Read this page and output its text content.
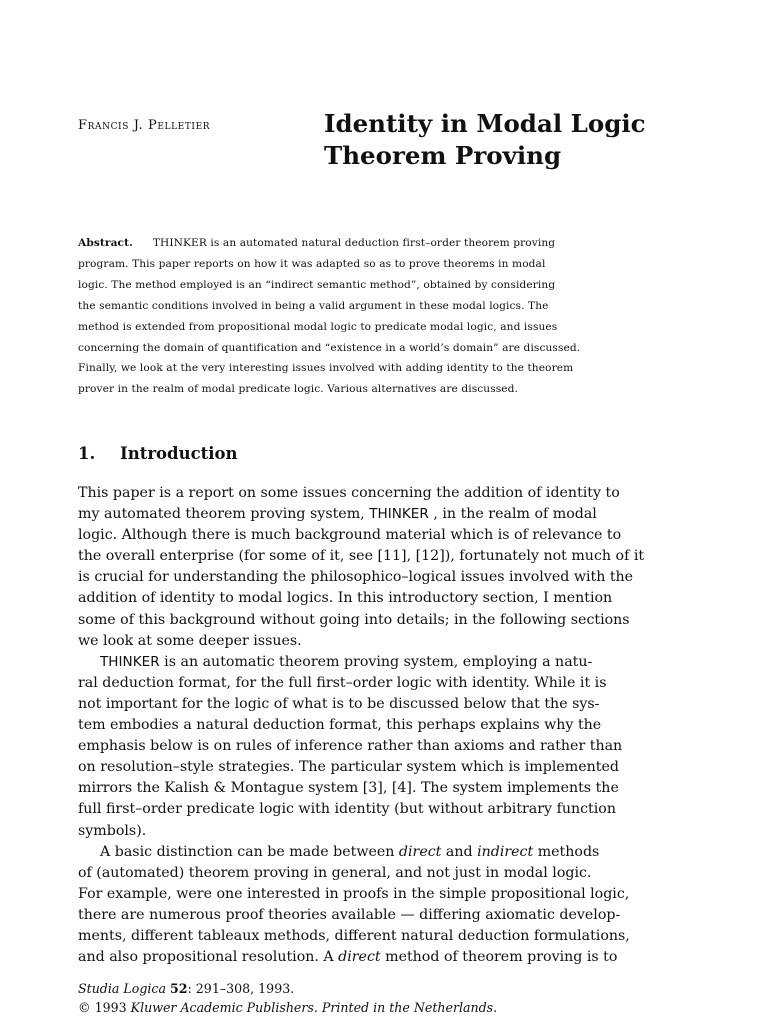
Francis J. Pelletier	Identity in Modal Logic
Theorem Proving
Abstract. THINKER is an automated natural deduction first–order theorem proving
program. This paper reports on how it was adapted so as to prove theorems in modal
logic. The method employed is an “indirect semantic method”, obtained by considering
the semantic conditions involved in being a valid argument in these modal logics. The
method is extended from propositional modal logic to predicate modal logic, and issues
concerning the domain of quantification and “existence in a world’s domain” are discussed.
Finally, we look at the very interesting issues involved with adding identity to the theorem
prover in the realm of modal predicate logic. Various alternatives are discussed.
1. Introduction
This paper is a report on some issues concerning the addition of identity to
my automated theorem proving system, THINKER , in the realm of modal
logic. Although there is much background material which is of relevance to
the overall enterprise (for some of it, see [11], [12]), fortunately not much of it
is crucial for understanding the philosophico–logical issues involved with the
addition of identity to modal logics. In this introductory section, I mention
some of this background without going into details; in the following sections
we look at some deeper issues.
THINKER is an automatic theorem proving system, employing a natu-
ral deduction format, for the full first–order logic with identity. While it is
not important for the logic of what is to be discussed below that the sys-
tem embodies a natural deduction format, this perhaps explains why the
emphasis below is on rules of inference rather than axioms and rather than
on resolution–style strategies. The particular system which is implemented
mirrors the Kalish & Montague system [3], [4]. The system implements the
full first–order predicate logic with identity (but without arbitrary function
symbols).
A basic distinction can be made between direct and indirect methods
of (automated) theorem proving in general, and not just in modal logic.
For example, were one interested in proofs in the simple propositional logic,
there are numerous proof theories available — differing axiomatic develop-
ments, different tableaux methods, different natural deduction formulations,
and also propositional resolution. A direct method of theorem proving is to
Studia Logica 52: 291–308, 1993.
© 1993 Kluwer Academic Publishers. Printed in the Netherlands.
